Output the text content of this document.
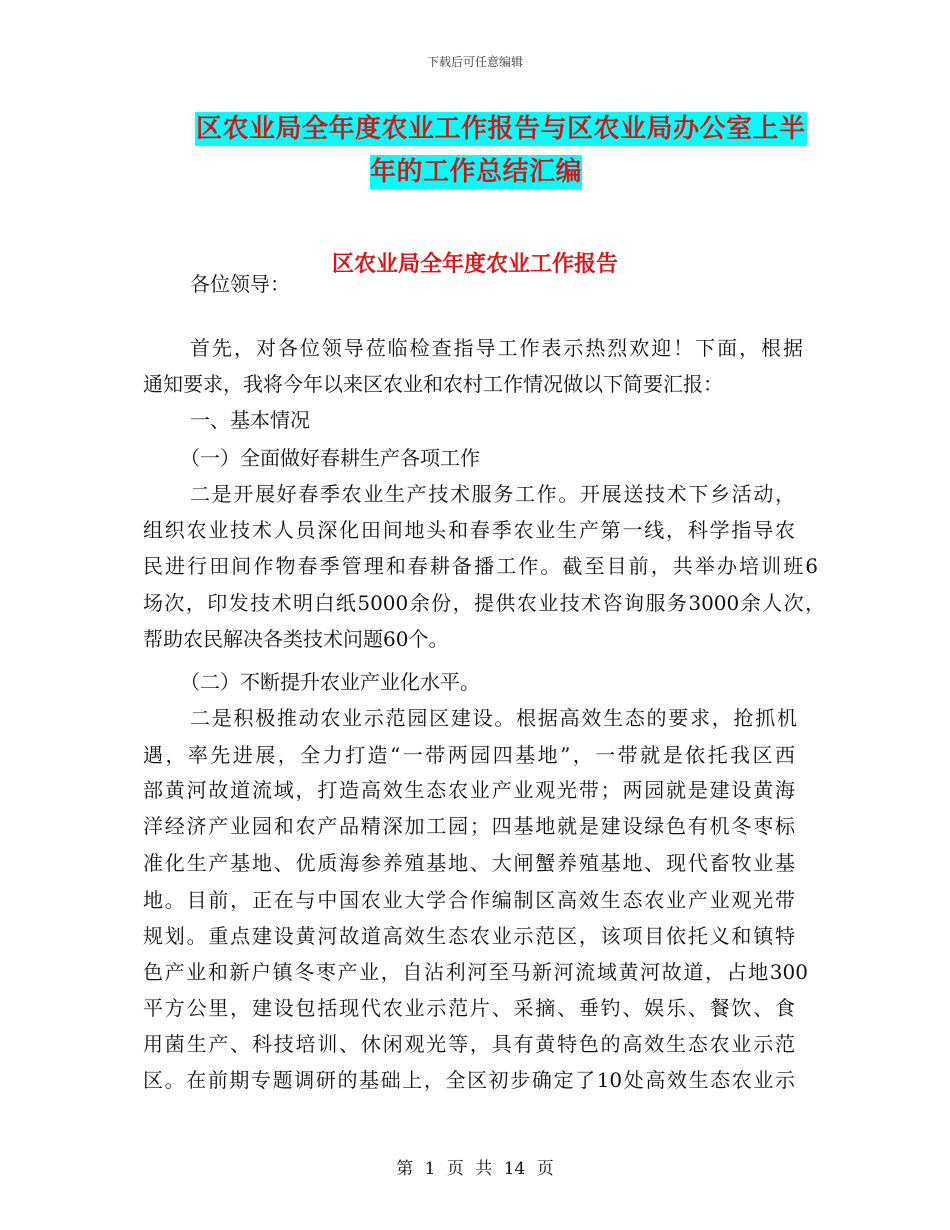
下载后可任意编辑
区农业局全年度农业工作报告与区农业局办公室上半
年的工作总结汇编
区农业局全年度农业工作报告
各位领导：
首先，对各位领导莅临检查指导工作表示热烈欢迎！下面，根据
通知要求，我将今年以来区农业和农村工作情况做以下简要汇报：
一、基本情况
（一）全面做好春耕生产各项工作
二是开展好春季农业生产技术服务工作。开展送技术下乡活动，
组织农业技术人员深化田间地头和春季农业生产第一线，科学指导农
民进行田间作物春季管理和春耕备播工作。截至目前，共举办培训班6
场次，印发技术明白纸5000余份，提供农业技术咨询服务3000余人次，
帮助农民解决各类技术问题60个。
（二）不断提升农业产业化水平。
二是积极推动农业示范园区建设。根据高效生态的要求，抢抓机
遇，率先进展，全力打造“一带两园四基地”，一带就是依托我区西
部黄河故道流域，打造高效生态农业产业观光带；两园就是建设黄海
洋经济产业园和农产品精深加工园；四基地就是建设绿色有机冬枣标
准化生产基地、优质海参养殖基地、大闸蟹养殖基地、现代畜牧业基
地。目前，正在与中国农业大学合作编制区高效生态农业产业观光带
规划。重点建设黄河故道高效生态农业示范区，该项目依托义和镇特
色产业和新户镇冬枣产业，自沾利河至马新河流域黄河故道，占地300
平方公里，建设包括现代农业示范片、采摘、垂钓、娱乐、餐饮、食
用菌生产、科技培训、休闲观光等，具有黄特色的高效生态农业示范
区。在前期专题调研的基础上，全区初步确定了10处高效生态农业示
第 1 页 共 14 页
